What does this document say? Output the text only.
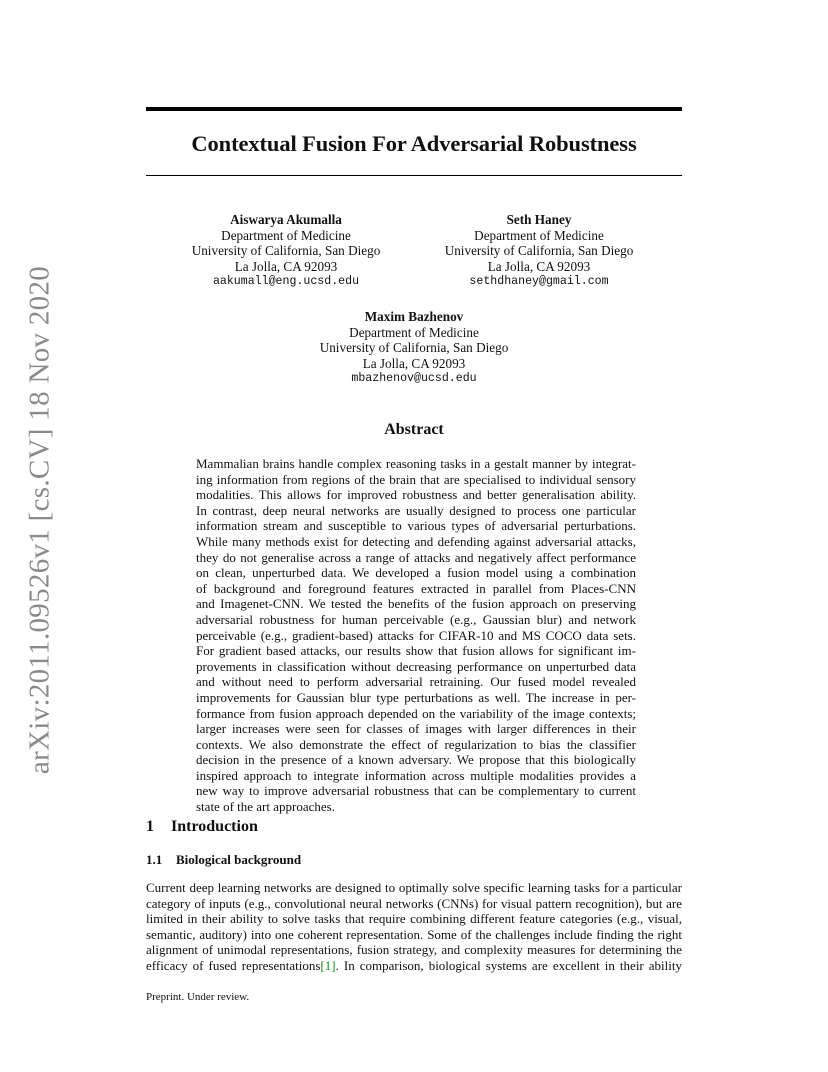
arXiv:2011.09526v1 [cs.CV] 18 Nov 2020
Contextual Fusion For Adversarial Robustness
Aiswarya Akumalla
Department of Medicine
University of California, San Diego
La Jolla, CA 92093
aakumall@eng.ucsd.edu
Seth Haney
Department of Medicine
University of California, San Diego
La Jolla, CA 92093
sethdhaney@gmail.com
Maxim Bazhenov
Department of Medicine
University of California, San Diego
La Jolla, CA 92093
mbazhenov@ucsd.edu
Abstract
Mammalian brains handle complex reasoning tasks in a gestalt manner by integrat-
ing information from regions of the brain that are specialised to individual sensory
modalities. This allows for improved robustness and better generalisation ability.
In contrast, deep neural networks are usually designed to process one particular
information stream and susceptible to various types of adversarial perturbations.
While many methods exist for detecting and defending against adversarial attacks,
they do not generalise across a range of attacks and negatively affect performance
on clean, unperturbed data. We developed a fusion model using a combination
of background and foreground features extracted in parallel from Places-CNN
and Imagenet-CNN. We tested the benefits of the fusion approach on preserving
adversarial robustness for human perceivable (e.g., Gaussian blur) and network
perceivable (e.g., gradient-based) attacks for CIFAR-10 and MS COCO data sets.
For gradient based attacks, our results show that fusion allows for significant im-
provements in classification without decreasing performance on unperturbed data
and without need to perform adversarial retraining. Our fused model revealed
improvements for Gaussian blur type perturbations as well. The increase in per-
formance from fusion approach depended on the variability of the image contexts;
larger increases were seen for classes of images with larger differences in their
contexts. We also demonstrate the effect of regularization to bias the classifier
decision in the presence of a known adversary. We propose that this biologically
inspired approach to integrate information across multiple modalities provides a
new way to improve adversarial robustness that can be complementary to current
state of the art approaches.
1 Introduction
1.1 Biological background
Current deep learning networks are designed to optimally solve specific learning tasks for a particular
category of inputs (e.g., convolutional neural networks (CNNs) for visual pattern recognition), but are
limited in their ability to solve tasks that require combining different feature categories (e.g., visual,
semantic, auditory) into one coherent representation. Some of the challenges include finding the right
alignment of unimodal representations, fusion strategy, and complexity measures for determining the
efficacy of fused representations[1]. In comparison, biological systems are excellent in their ability
Preprint. Under review.
